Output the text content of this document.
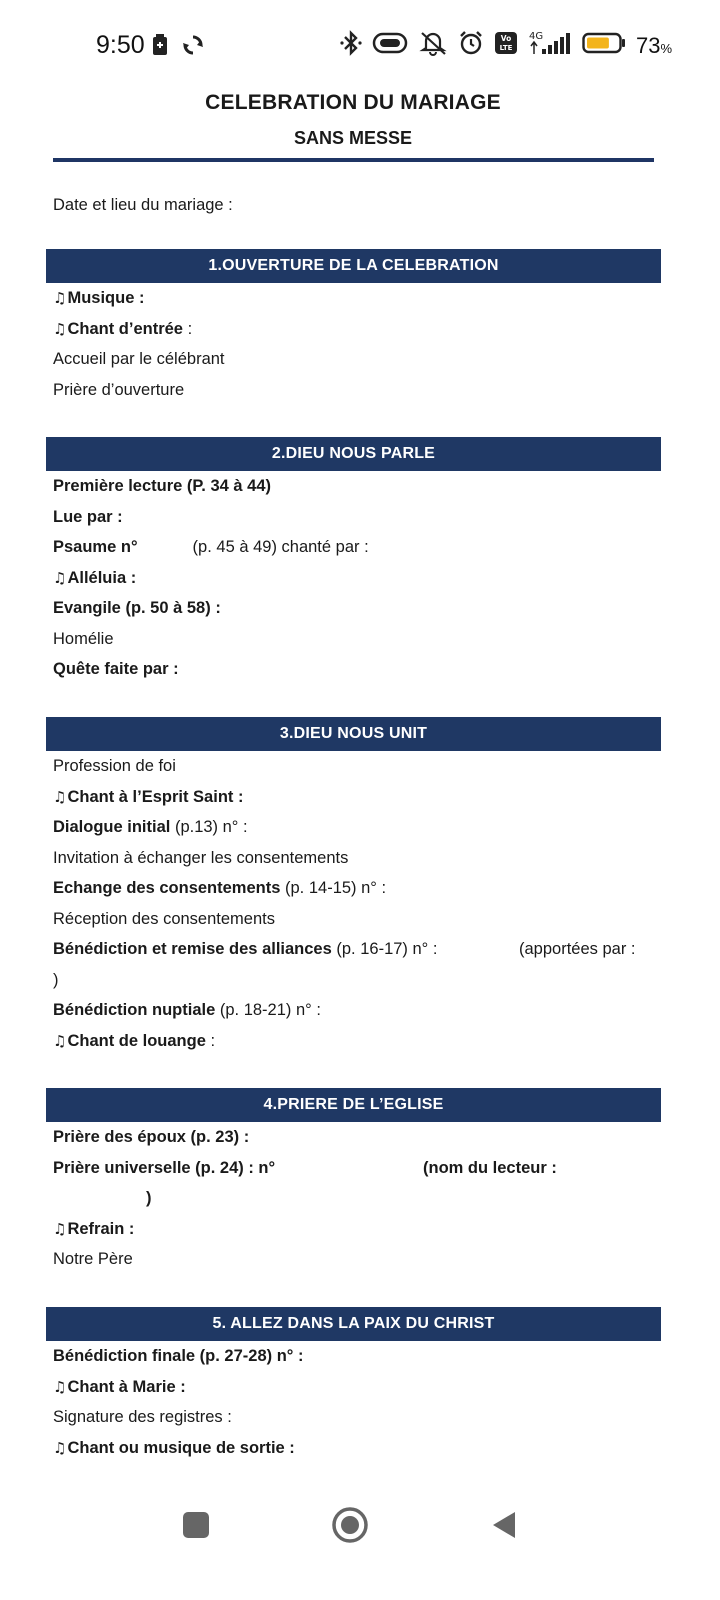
9:50	Vo
LTE
4G	73%
CELEBRATION DU MARIAGE
SANS MESSE
Date et lieu du mariage :
1.OUVERTURE DE LA CELEBRATION
♫Musique :
♫Chant d’entrée :
Accueil par le célébrant
Prière d’ouverture
2.DIEU NOUS PARLE
Première lecture (P. 34 à 44)
Lue par :
Psaume n°	(p. 45 à 49) chanté par :
♫Alléluia :
Evangile (p. 50 à 58) :
Homélie
Quête faite par :
3.DIEU NOUS UNIT
Profession de foi
♫Chant à l’Esprit Saint :
Dialogue initial (p.13) n° :
Invitation à échanger les consentements
Echange des consentements (p. 14-15) n° :
Réception des consentements
Bénédiction et remise des alliances (p. 16-17) n° :	(apportées par :
)
Bénédiction nuptiale (p. 18-21) n° :
♫Chant de louange :
4.PRIERE DE L’EGLISE
Prière des époux (p. 23) :
Prière universelle (p. 24) : n°	(nom du lecteur :
)
♫Refrain :
Notre Père
5. ALLEZ DANS LA PAIX DU CHRIST
Bénédiction finale (p. 27-28) n° :
♫Chant à Marie :
Signature des registres :
♫Chant ou musique de sortie :
